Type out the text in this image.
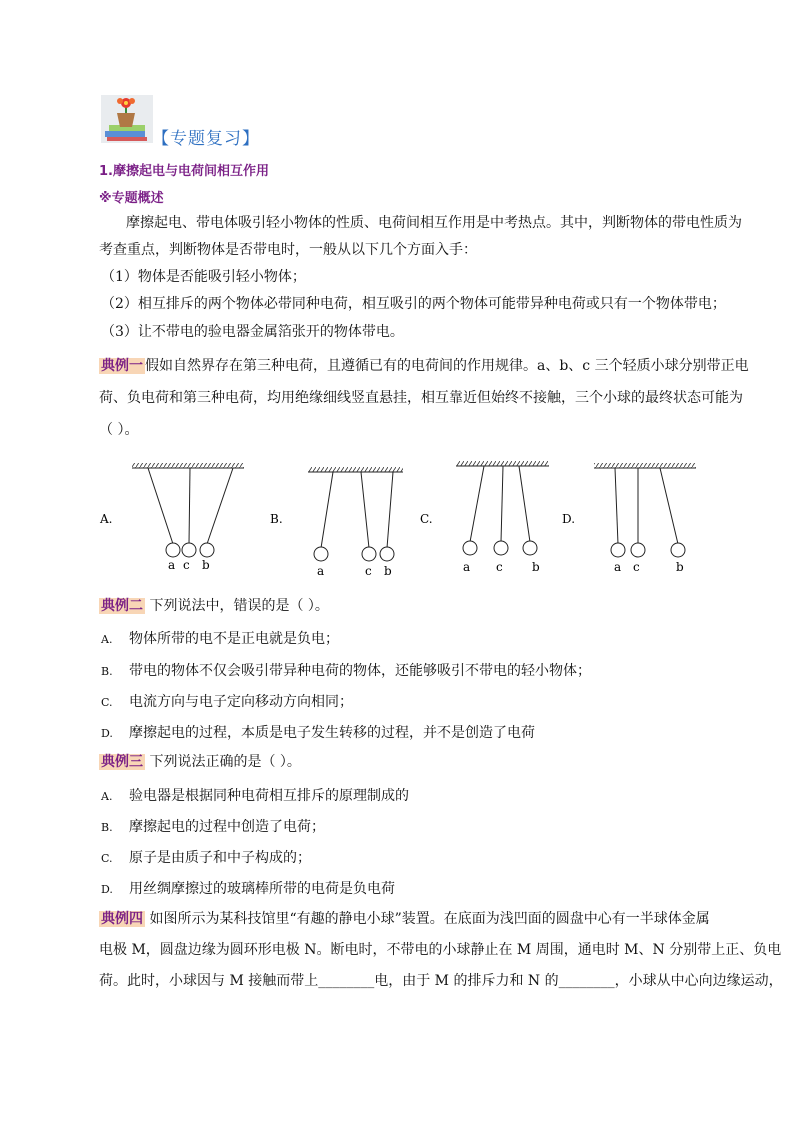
【专题复习】
1.摩擦起电与电荷间相互作用
※专题概述
摩擦起电、带电体吸引轻小物体的性质、电荷间相互作用是中考热点。其中，判断物体的带电性质为
考查重点，判断物体是否带电时，一般从以下几个方面入手：
（1）物体是否能吸引轻小物体；
（2）相互排斥的两个物体必带同种电荷，相互吸引的两个物体可能带异种电荷或只有一个物体带电；
（3）让不带电的验电器金属箔张开的物体带电。
典例一 假如自然界存在第三种电荷，且遵循已有的电荷间的作用规律。a、b、c 三个轻质小球分别带正电
荷、负电荷和第三种电荷，均用绝缘细线竖直悬挂，相互靠近但始终不接触，三个小球的最终状态可能为
（ ）。
A.
a c b
B.
a	c b
C.
a c b
D.
a c	b
典例二 下列说法中，错误的是（ ）。
A. 物体所带的电不是正电就是负电；
B. 带电的物体不仅会吸引带异种电荷的物体，还能够吸引不带电的轻小物体；
C. 电流方向与电子定向移动方向相同；
D. 摩擦起电的过程，本质是电子发生转移的过程，并不是创造了电荷
典例三 下列说法正确的是（ ）。
A. 验电器是根据同种电荷相互排斥的原理制成的
B. 摩擦起电的过程中创造了电荷；
C. 原子是由质子和中子构成的；
D. 用丝绸摩擦过的玻璃棒所带的电荷是负电荷
典例四 如图所示为某科技馆里“有趣的静电小球”装置。在底面为浅凹面的圆盘中心有一半球体金属
电极 M，圆盘边缘为圆环形电极 N。断电时，不带电的小球静止在 M 周围，通电时 M、N 分别带上正、负电
荷。此时，小球因与 M 接触而带上________电，由于 M 的排斥力和 N 的________，小球从中心向边缘运动，
